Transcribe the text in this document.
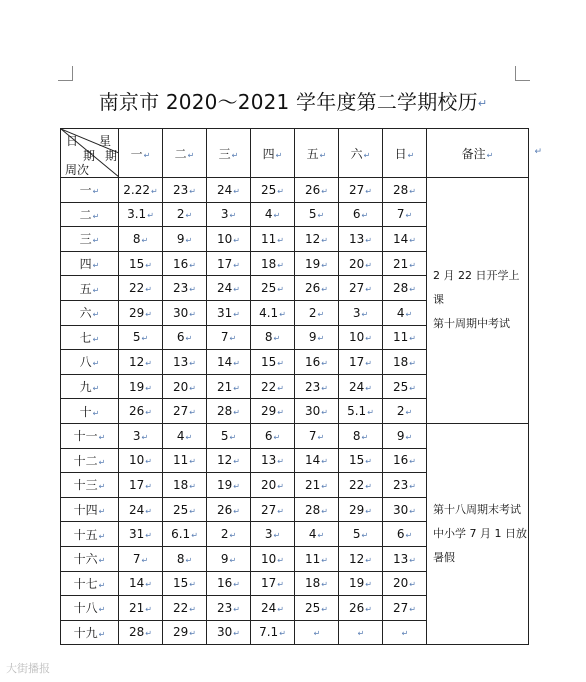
南京市 2020～2021 学年度第二学期校历↵
日 星
期 期
周次	一↵	二↵	三↵	四↵	五↵	六↵	日↵	备注↵ ↵

一↵	2.22↵	23↵	24↵	25↵	26↵	27↵	28↵	2 月 22 日开学上课
第十周期中考试

二↵	3.1↵	2↵	3↵	4↵	5↵	6↵	7↵	
三↵	8↵	9↵	10↵	11↵	12↵	13↵	14↵	
四↵	15↵	16↵	17↵	18↵	19↵	20↵	21↵	
五↵	22↵	23↵	24↵	25↵	26↵	27↵	28↵	
六↵	29↵	30↵	31↵	4.1↵	2↵	3↵	4↵	
七↵	5↵	6↵	7↵	8↵	9↵	10↵	11↵	
八↵	12↵	13↵	14↵	15↵	16↵	17↵	18↵	
九↵	19↵	20↵	21↵	22↵	23↵	24↵	25↵	
十↵	26↵	27↵	28↵	29↵	30↵	5.1↵	2↵	
十一↵	3↵	4↵	5↵	6↵	7↵	8↵	9↵	第十八周期末考试
中小学 7 月 1 日放暑假

十二↵	10↵	11↵	12↵	13↵	14↵	15↵	16↵	
十三↵	17↵	18↵	19↵	20↵	21↵	22↵	23↵	
十四↵	24↵	25↵	26↵	27↵	28↵	29↵	30↵	
十五↵	31↵	6.1↵	2↵	3↵	4↵	5↵	6↵	
十六↵	7↵	8↵	9↵	10↵	11↵	12↵	13↵	
十七↵	14↵	15↵	16↵	17↵	18↵	19↵	20↵	
十八↵	21↵	22↵	23↵	24↵	25↵	26↵	27↵	
十九↵	28↵	29↵	30↵	7.1↵	↵	↵	↵	
大街播报
